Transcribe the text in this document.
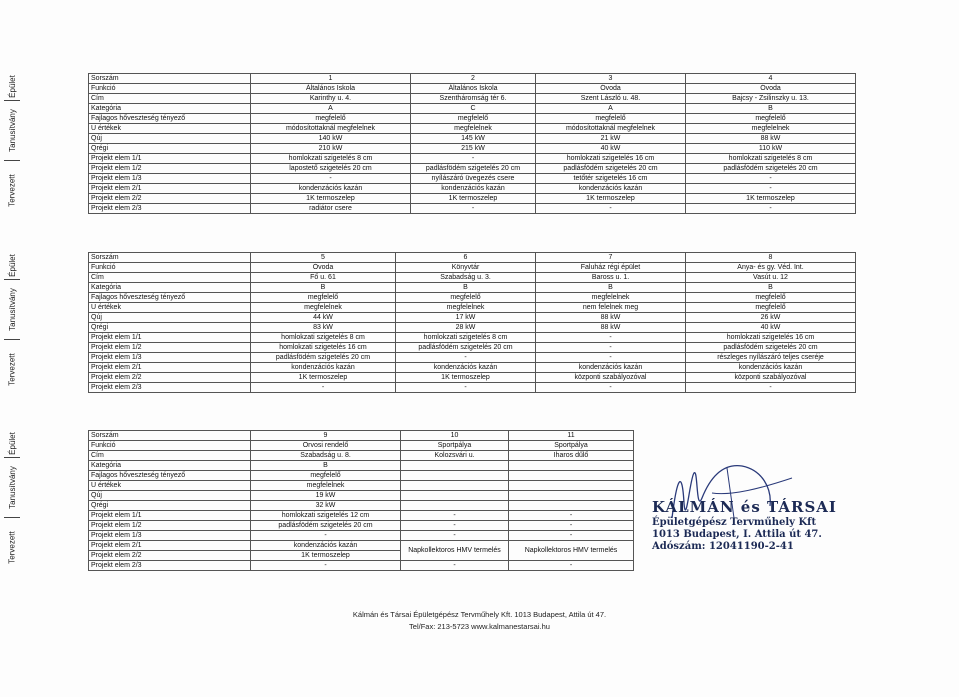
Épület
Tanusítvány
Tervezett
Sorszám	1	2	3	4
Funkció	Általános Iskola	Általános Iskola	Óvoda	Óvoda
Cím	Karinthy u. 4.	Szentháromság tér 6.	Szent László u. 48.	Bajcsy - Zsilinszky u. 13.
Kategória	A	C	A	B
Fajlagos hőveszteség tényező	megfelelő	megfelelő	megfelelő	megfelelő
U értékek	módosítottaknál megfelelnek	megfelelnek	módosítottaknál megfelelnek	megfelelnek
Qúj	140 kW	145 kW	21 kW	88 kW
Qrégi	210 kW	215 kW	40 kW	110 kW
Projekt elem 1/1	homlokzati szigetelés 8 cm	-	homlokzati szigetelés 16 cm	homlokzati szigetelés 8 cm
Projekt elem 1/2	lapostető szigetelés 20 cm	padlásfödém szigetelés 20 cm	padlásfödém szigetelés 20 cm	padlásfödém szigetelés 20 cm
Projekt elem 1/3	-	nyílászáró üvegezés csere	tetőtér szigetelés 16 cm	-
Projekt elem 2/1	kondenzációs kazán	kondenzációs kazán	kondenzációs kazán	-
Projekt elem 2/2	1K termoszelep	1K termoszelep	1K termoszelep	1K termoszelep
Projekt elem 2/3	radiátor csere	-	-	-
Épület
Tanusítvány
Tervezett
Sorszám	5	6	7	8
Funkció	Óvoda	Könyvtár	Faluház régi épület	Anya- és gy. Véd. Int.
Cím	Fő u. 61	Szabadság u. 3.	Baross u. 1.	Vasút u. 12
Kategória	B	B	B	B
Fajlagos hőveszteség tényező	megfelelő	megfelelő	megfelelnek	megfelelő
U értékek	megfelelnek	megfelelnek	nem felelnek meg	megfelelő
Qúj	44 kW	17 kW	88 kW	26 kW
Qrégi	83 kW	28 kW	88 kW	40 kW
Projekt elem 1/1	homlokzati szigetelés 8 cm	homlokzati szigetelés 8 cm	-	homlokzati szigetelés 16 cm
Projekt elem 1/2	homlokzati szigetelés 16 cm	padlásfödém szigetelés 20 cm	-	padlásfödém szigetelés 20 cm
Projekt elem 1/3	padlásfödém szigetelés 20 cm	-	-	részleges nyílászáró teljes cseréje
Projekt elem 2/1	kondenzációs kazán	kondenzációs kazán	kondenzációs kazán	kondenzációs kazán
Projekt elem 2/2	1K termoszelep	1K termoszelep	központi szabályozóval	központi szabályozóval
Projekt elem 2/3	-	-	-	-
Épület
Tanusítvány
Tervezett
Sorszám	9	10	11
Funkció	Orvosi rendelő	Sportpálya	Sportpálya
Cím	Szabadság u. 8.	Kolozsvári u.	Iharos dűlő
Kategória	B		
Fajlagos hőveszteség tényező	megfelelő		
U értékek	megfelelnek		
Qúj	19 kW		
Qrégi	32 kW		
Projekt elem 1/1	homlokzati szigetelés 12 cm	-	-
Projekt elem 1/2	padlásfödém szigetelés 20 cm	-	-
Projekt elem 1/3	-	-	-
Projekt elem 2/1	kondenzációs kazán	Napkollektoros HMV termelés	Napkollektoros HMV termelés
Projekt elem 2/2	1K termoszelep		
Projekt elem 2/3	-	-	-
KÁLMÁN és TÁRSAI
Épületgépész Tervműhely Kft
1013 Budapest, I. Attila út 47.
Adószám: 12041190-2-41
Kálmán és Társai Épületgépész Tervműhely Kft. 1013 Budapest, Attila út 47.
Tel/Fax: 213-5723 www.kalmanestarsai.hu
